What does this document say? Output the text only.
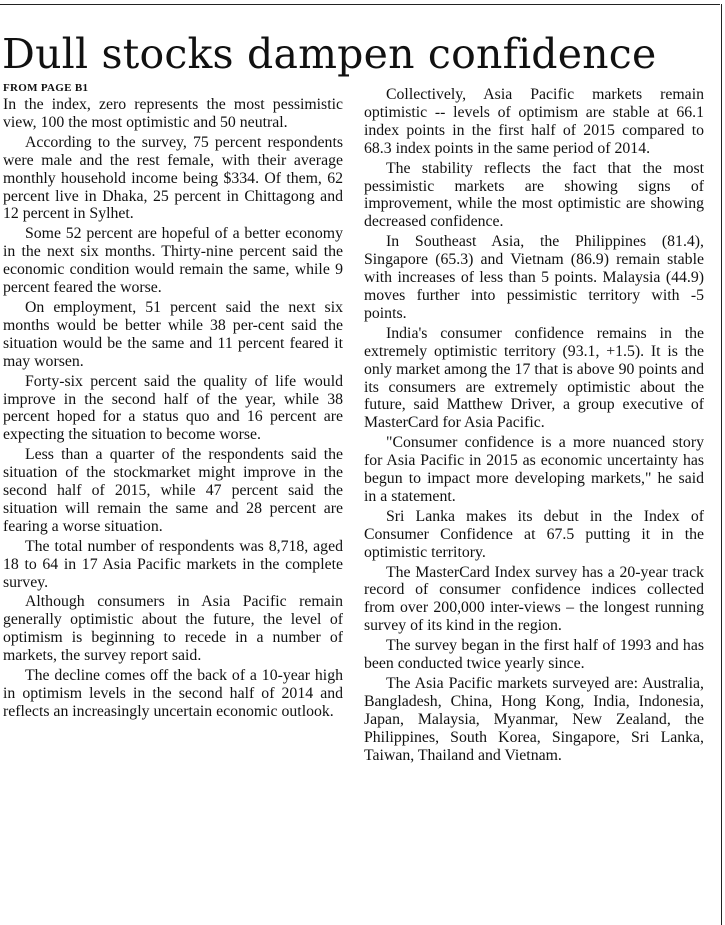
Dull stocks dampen confidence
FROM PAGE B1

In the index, zero represents the most pessimistic view, 100 the most optimistic and 50 neutral.

According to the survey, 75 percent respondents were male and the rest female, with their average monthly household income being $334. Of them, 62 percent live in Dhaka, 25 percent in Chittagong and 12 percent in Sylhet.

Some 52 percent are hopeful of a better economy in the next six months. Thirty-nine percent said the economic condition would remain the same, while 9 percent feared the worse.

On employment, 51 percent said the next six months would be better while 38 per-cent said the situation would be the same and 11 percent feared it may worsen.

Forty-six percent said the quality of life would improve in the second half of the year, while 38 percent hoped for a status quo and 16 percent are expecting the situation to become worse.

Less than a quarter of the respondents said the situation of the stockmarket might improve in the second half of 2015, while 47 percent said the situation will remain the same and 28 percent are fearing a worse situation.

The total number of respondents was 8,718, aged 18 to 64 in 17 Asia Pacific markets in the complete survey.

Although consumers in Asia Pacific remain generally optimistic about the future, the level of optimism is beginning to recede in a number of markets, the survey report said.

The decline comes off the back of a 10-year high in optimism levels in the second half of 2014 and reflects an increasingly uncertain economic outlook.

Collectively, Asia Pacific markets remain optimistic -- levels of optimism are stable at 66.1 index points in the first half of 2015 compared to 68.3 index points in the same period of 2014.

The stability reflects the fact that the most pessimistic markets are showing signs of improvement, while the most optimistic are showing decreased confidence.

In Southeast Asia, the Philippines (81.4), Singapore (65.3) and Vietnam (86.9) remain stable with increases of less than 5 points. Malaysia (44.9) moves further into pessimistic territory with -5 points.

India's consumer confidence remains in the extremely optimistic territory (93.1, +1.5). It is the only market among the 17 that is above 90 points and its consumers are extremely optimistic about the future, said Matthew Driver, a group executive of MasterCard for Asia Pacific.

"Consumer confidence is a more nuanced story for Asia Pacific in 2015 as economic uncertainty has begun to impact more developing markets," he said in a statement.

Sri Lanka makes its debut in the Index of Consumer Confidence at 67.5 putting it in the optimistic territory.

The MasterCard Index survey has a 20-year track record of consumer confidence indices collected from over 200,000 inter-views – the longest running survey of its kind in the region.

The survey began in the first half of 1993 and has been conducted twice yearly since.

The Asia Pacific markets surveyed are: Australia, Bangladesh, China, Hong Kong, India, Indonesia, Japan, Malaysia, Myanmar, New Zealand, the Philippines, South Korea, Singapore, Sri Lanka, Taiwan, Thailand and Vietnam.
